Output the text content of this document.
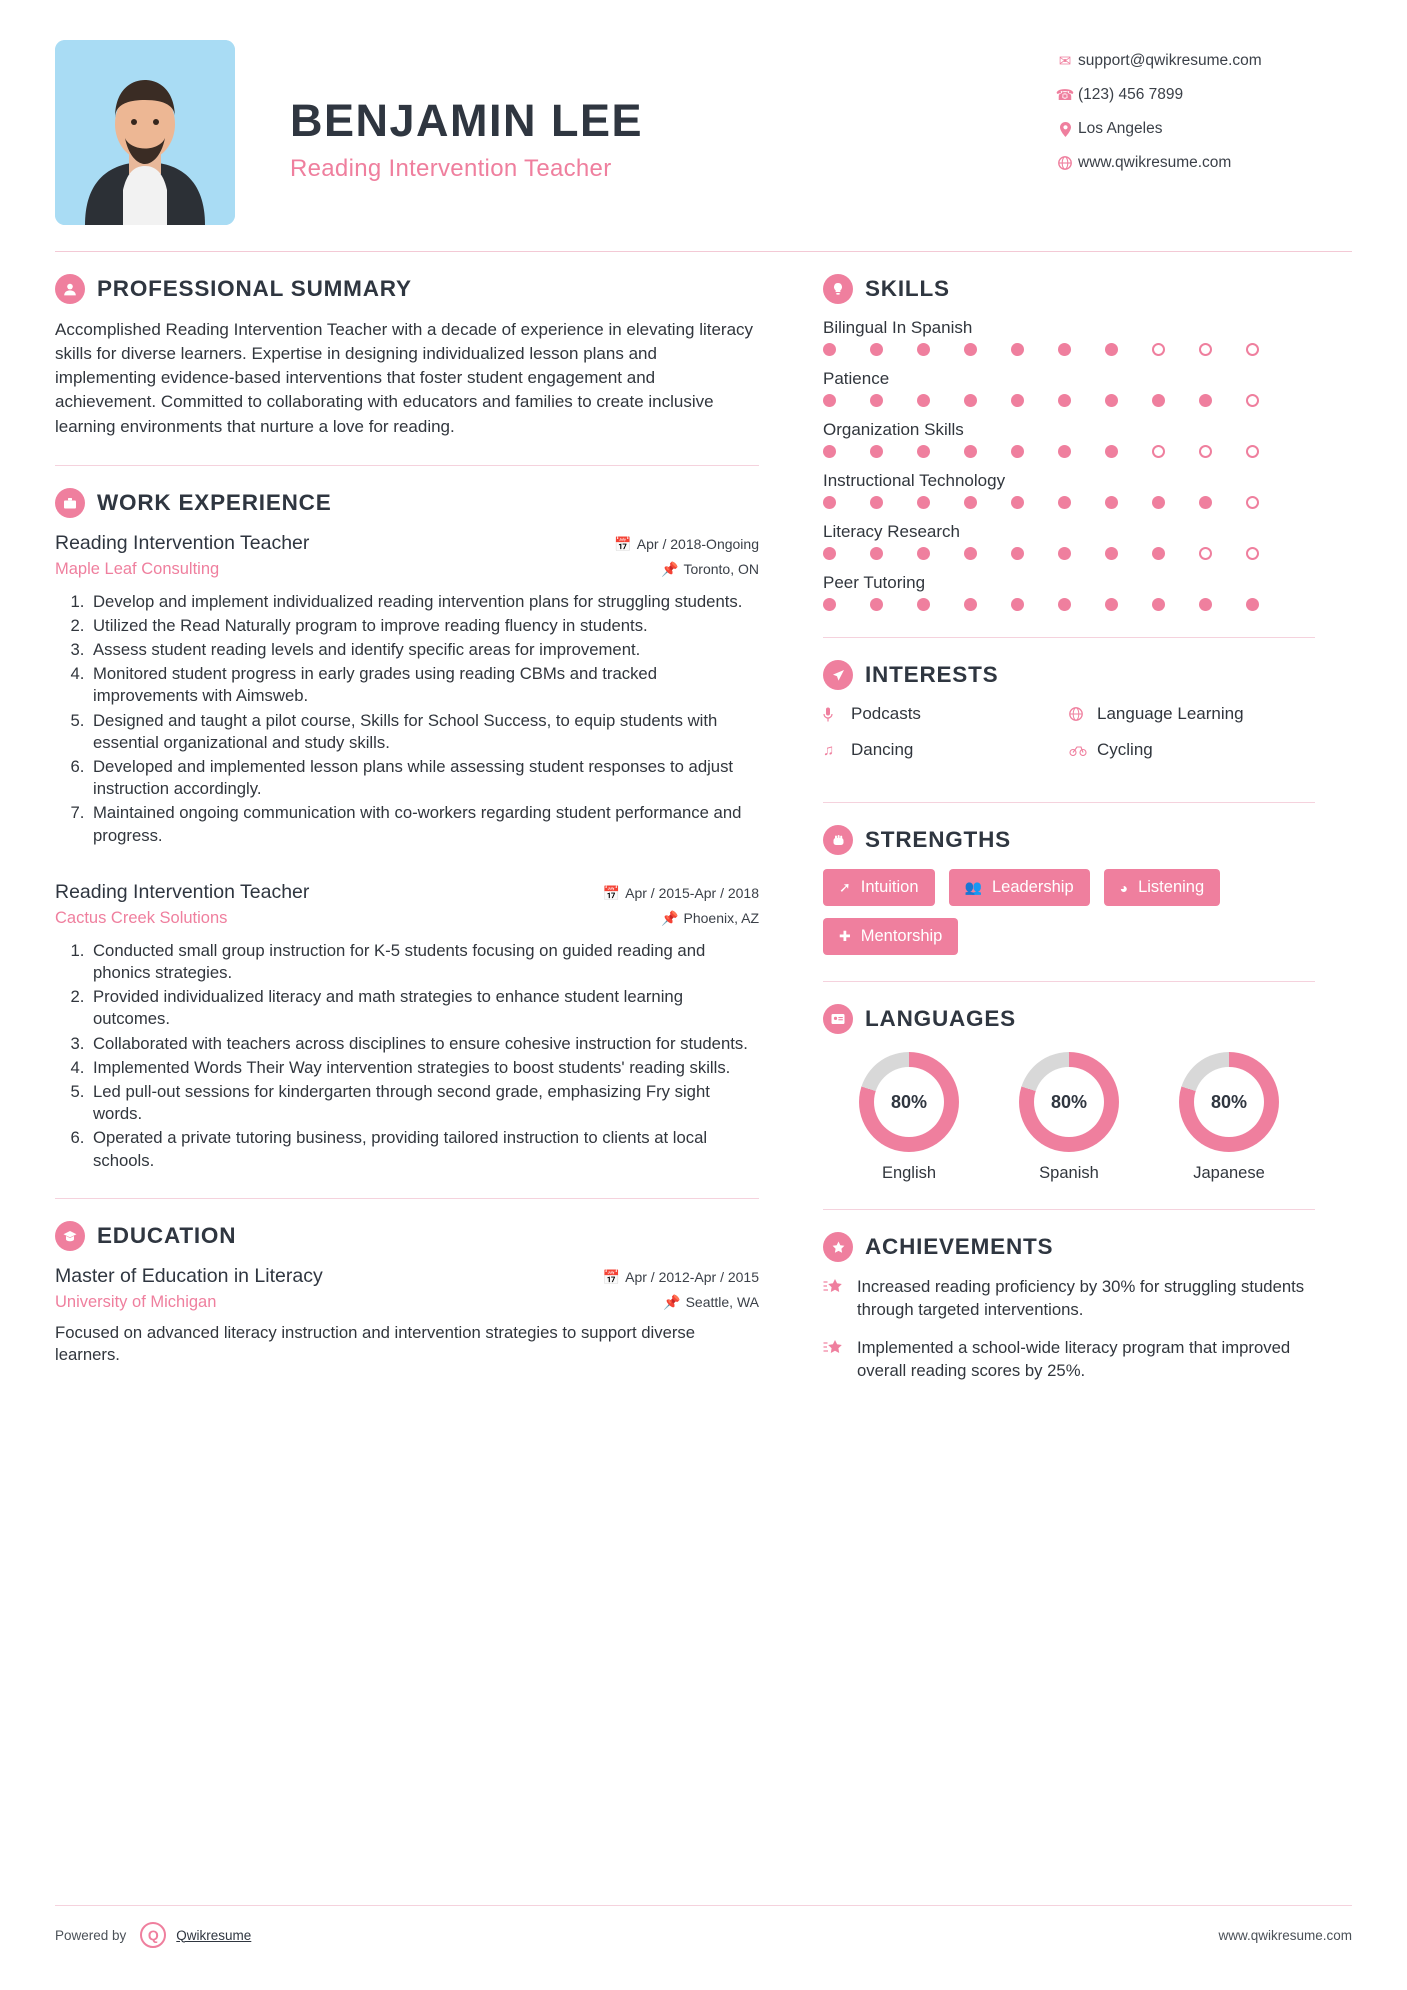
BENJAMIN LEE
Reading Intervention Teacher
✉ support@qwikresume.com
☎ (123) 456 7899
Los Angeles
www.qwikresume.com
PROFESSIONAL SUMMARY
Accomplished Reading Intervention Teacher with a decade of experience in elevating literacy skills for diverse learners. Expertise in designing individualized lesson plans and implementing evidence-based interventions that foster student engagement and achievement. Committed to collaborating with educators and families to create inclusive learning environments that nurture a love for reading.
WORK EXPERIENCE
Reading Intervention Teacher	📅 Apr / 2018-Ongoing
Maple Leaf Consulting	📌 Toronto, ON
1. Develop and implement individualized reading intervention plans for struggling students.
2. Utilized the Read Naturally program to improve reading fluency in students.
3. Assess student reading levels and identify specific areas for improvement.
4. Monitored student progress in early grades using reading CBMs and tracked improvements with Aimsweb.
5. Designed and taught a pilot course, Skills for School Success, to equip students with essential organizational and study skills.
6. Developed and implemented lesson plans while assessing student responses to adjust instruction accordingly.
7. Maintained ongoing communication with co-workers regarding student performance and progress.
Reading Intervention Teacher	📅 Apr / 2015-Apr / 2018
Cactus Creek Solutions	📌 Phoenix, AZ
1. Conducted small group instruction for K-5 students focusing on guided reading and phonics strategies.
2. Provided individualized literacy and math strategies to enhance student learning outcomes.
3. Collaborated with teachers across disciplines to ensure cohesive instruction for students.
4. Implemented Words Their Way intervention strategies to boost students' reading skills.
5. Led pull-out sessions for kindergarten through second grade, emphasizing Fry sight words.
6. Operated a private tutoring business, providing tailored instruction to clients at local schools.
EDUCATION
Master of Education in Literacy	📅 Apr / 2012-Apr / 2015
University of Michigan	📌 Seattle, WA
Focused on advanced literacy instruction and intervention strategies to support diverse learners.
SKILLS
Bilingual In Spanish
Patience
Organization Skills
Instructional Technology
Literacy Research
Peer Tutoring
INTERESTS
Podcasts	Language Learning
♫ Dancing	Cycling
STRENGTHS
➚ Intuition	👥 Leadership	◕ Listening
✚ Mentorship
LANGUAGES
80%
English
80%
Spanish
80%
Japanese
ACHIEVEMENTS
Increased reading proficiency by 30% for struggling students through targeted interventions.
Implemented a school-wide literacy program that improved overall reading scores by 25%.
Powered by	Q	Qwikresume	www.qwikresume.com
